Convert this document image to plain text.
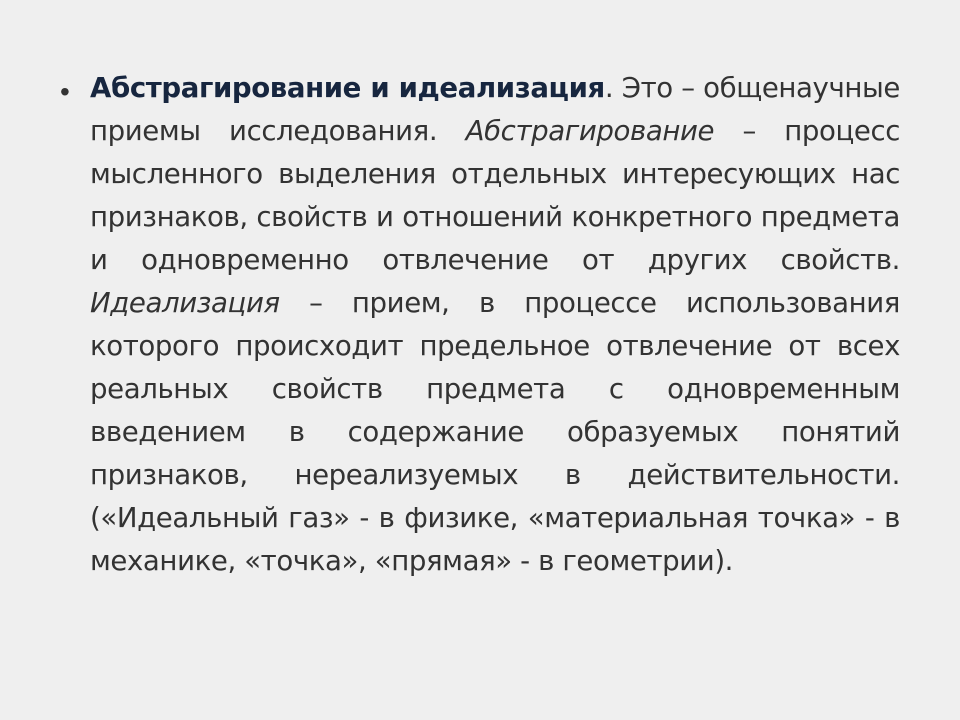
• Абстрагирование и идеализация. Это – общенаучные приемы исследования. Абстрагирование – процесс мысленного выделения отдельных интересующих нас признаков, свойств и отношений конкретного предмета и одновременно отвлечение от других свойств. Идеализация – прием, в процессе использования которого происходит предельное отвлечение от всех реальных свойств предмета с одновременным введением в содержание образуемых понятий признаков, нереализуемых в действительности. («Идеальный газ» - в физике, «материальная точка» - в механике, «точка», «прямая» - в геометрии).
